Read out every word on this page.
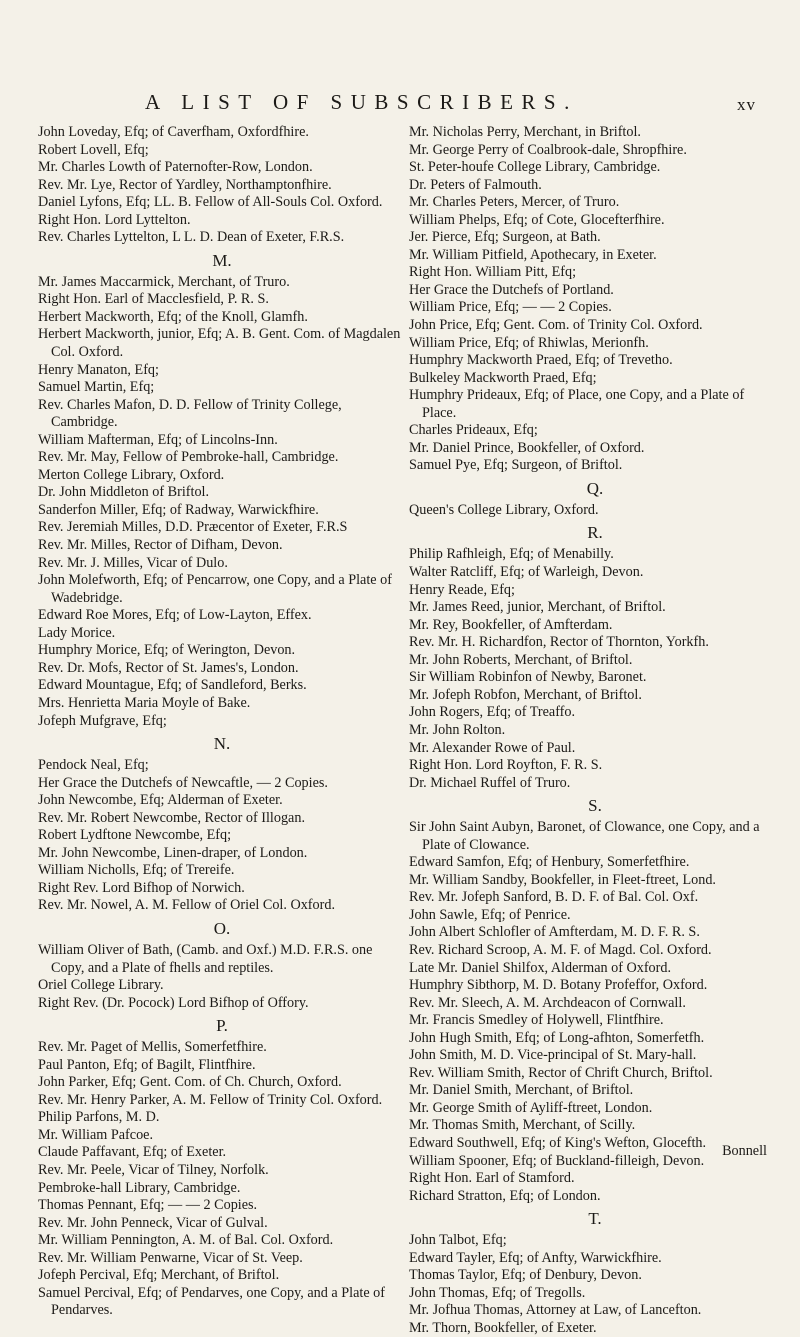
A LIST OF SUBSCRIBERS.	xv
John Loveday, Efq; of Caverfham, Oxfordfhire.
Robert Lovell, Efq;
Mr. Charles Lowth of Paternofter-Row, London.
Rev. Mr. Lye, Rector of Yardley, Northamptonfhire.
Daniel Lyfons, Efq; LL. B. Fellow of All-Souls Col. Oxford.
Right Hon. Lord Lyttelton.
Rev. Charles Lyttelton, L L. D. Dean of Exeter, F.R.S.
M.
Mr. James Maccarmick, Merchant, of Truro.
Right Hon. Earl of Macclesfield, P. R. S.
Herbert Mackworth, Efq; of the Knoll, Glamfh.
Herbert Mackworth, junior, Efq; A. B. Gent. Com. of Magdalen Col. Oxford.
Henry Manaton, Efq;
Samuel Martin, Efq;
Rev. Charles Mafon, D. D. Fellow of Trinity College, Cambridge.
William Mafterman, Efq; of Lincolns-Inn.
Rev. Mr. May, Fellow of Pembroke-hall, Cambridge.
Merton College Library, Oxford.
Dr. John Middleton of Briftol.
Sanderfon Miller, Efq; of Radway, Warwickfhire.
Rev. Jeremiah Milles, D.D. Præcentor of Exeter, F.R.S
Rev. Mr. Milles, Rector of Difham, Devon.
Rev. Mr. J. Milles, Vicar of Dulo.
John Molefworth, Efq; of Pencarrow, one Copy, and a Plate of Wadebridge.
Edward Roe Mores, Efq; of Low-Layton, Effex.
Lady Morice.
Humphry Morice, Efq; of Werington, Devon.
Rev. Dr. Mofs, Rector of St. James's, London.
Edward Mountague, Efq; of Sandleford, Berks.
Mrs. Henrietta Maria Moyle of Bake.
Jofeph Mufgrave, Efq;
N.
Pendock Neal, Efq;
Her Grace the Dutchefs of Newcaftle, — 2 Copies.
John Newcombe, Efq; Alderman of Exeter.
Rev. Mr. Robert Newcombe, Rector of Illogan.
Robert Lydftone Newcombe, Efq;
Mr. John Newcombe, Linen-draper, of London.
William Nicholls, Efq; of Trereife.
Right Rev. Lord Bifhop of Norwich.
Rev. Mr. Nowel, A. M. Fellow of Oriel Col. Oxford.
O.
William Oliver of Bath, (Camb. and Oxf.) M.D. F.R.S. one Copy, and a Plate of fhells and reptiles.
Oriel College Library.
Right Rev. (Dr. Pocock) Lord Bifhop of Offory.
P.
Rev. Mr. Paget of Mellis, Somerfetfhire.
Paul Panton, Efq; of Bagilt, Flintfhire.
John Parker, Efq; Gent. Com. of Ch. Church, Oxford.
Rev. Mr. Henry Parker, A. M. Fellow of Trinity Col. Oxford.
Philip Parfons, M. D.
Mr. William Pafcoe.
Claude Paffavant, Efq; of Exeter.
Rev. Mr. Peele, Vicar of Tilney, Norfolk.
Pembroke-hall Library, Cambridge.
Thomas Pennant, Efq; — — 2 Copies.
Rev. Mr. John Penneck, Vicar of Gulval.
Mr. William Pennington, A. M. of Bal. Col. Oxford.
Rev. Mr. William Penwarne, Vicar of St. Veep.
Jofeph Percival, Efq; Merchant, of Briftol.
Samuel Percival, Efq; of Pendarves, one Copy, and a Plate of Pendarves.
Mr. Nicholas Perry, Merchant, in Briftol.
Mr. George Perry of Coalbrook-dale, Shropfhire.
St. Peter-houfe College Library, Cambridge.
Dr. Peters of Falmouth.
Mr. Charles Peters, Mercer, of Truro.
William Phelps, Efq; of Cote, Glocefterfhire.
Jer. Pierce, Efq; Surgeon, at Bath.
Mr. William Pitfield, Apothecary, in Exeter.
Right Hon. William Pitt, Efq;
Her Grace the Dutchefs of Portland.
William Price, Efq; — — 2 Copies.
John Price, Efq; Gent. Com. of Trinity Col. Oxford.
William Price, Efq; of Rhiwlas, Merionfh.
Humphry Mackworth Praed, Efq; of Trevetho.
Bulkeley Mackworth Praed, Efq;
Humphry Prideaux, Efq; of Place, one Copy, and a Plate of Place.
Charles Prideaux, Efq;
Mr. Daniel Prince, Bookfeller, of Oxford.
Samuel Pye, Efq; Surgeon, of Briftol.
Q.
Queen's College Library, Oxford.
R.
Philip Rafhleigh, Efq; of Menabilly.
Walter Ratcliff, Efq; of Warleigh, Devon.
Henry Reade, Efq;
Mr. James Reed, junior, Merchant, of Briftol.
Mr. Rey, Bookfeller, of Amfterdam.
Rev. Mr. H. Richardfon, Rector of Thornton, Yorkfh.
Mr. John Roberts, Merchant, of Briftol.
Sir William Robinfon of Newby, Baronet.
Mr. Jofeph Robfon, Merchant, of Briftol.
John Rogers, Efq; of Treaffo.
Mr. John Rolton.
Mr. Alexander Rowe of Paul.
Right Hon. Lord Royfton, F. R. S.
Dr. Michael Ruffel of Truro.
S.
Sir John Saint Aubyn, Baronet, of Clowance, one Copy, and a Plate of Clowance.
Edward Samfon, Efq; of Henbury, Somerfetfhire.
Mr. William Sandby, Bookfeller, in Fleet-ftreet, Lond.
Rev. Mr. Jofeph Sanford, B. D. F. of Bal. Col. Oxf.
John Sawle, Efq; of Penrice.
John Albert Schlofler of Amfterdam, M. D. F. R. S.
Rev. Richard Scroop, A. M. F. of Magd. Col. Oxford.
Late Mr. Daniel Shilfox, Alderman of Oxford.
Humphry Sibthorp, M. D. Botany Profeffor, Oxford.
Rev. Mr. Sleech, A. M. Archdeacon of Cornwall.
Mr. Francis Smedley of Holywell, Flintfhire.
John Hugh Smith, Efq; of Long-afhton, Somerfetfh.
John Smith, M. D. Vice-principal of St. Mary-hall.
Rev. William Smith, Rector of Chrift Church, Briftol.
Mr. Daniel Smith, Merchant, of Briftol.
Mr. George Smith of Ayliff-ftreet, London.
Mr. Thomas Smith, Merchant, of Scilly.
Edward Southwell, Efq; of King's Wefton, Glocefth.
William Spooner, Efq; of Buckland-filleigh, Devon.
Right Hon. Earl of Stamford.
Richard Stratton, Efq; of London.
T.
John Talbot, Efq;
Edward Tayler, Efq; of Anfty, Warwickfhire.
Thomas Taylor, Efq; of Denbury, Devon.
John Thomas, Efq; of Tregolls.
Mr. Jofhua Thomas, Attorney at Law, of Lancefton.
Mr. Thorn, Bookfeller, of Exeter.
Bonnell
